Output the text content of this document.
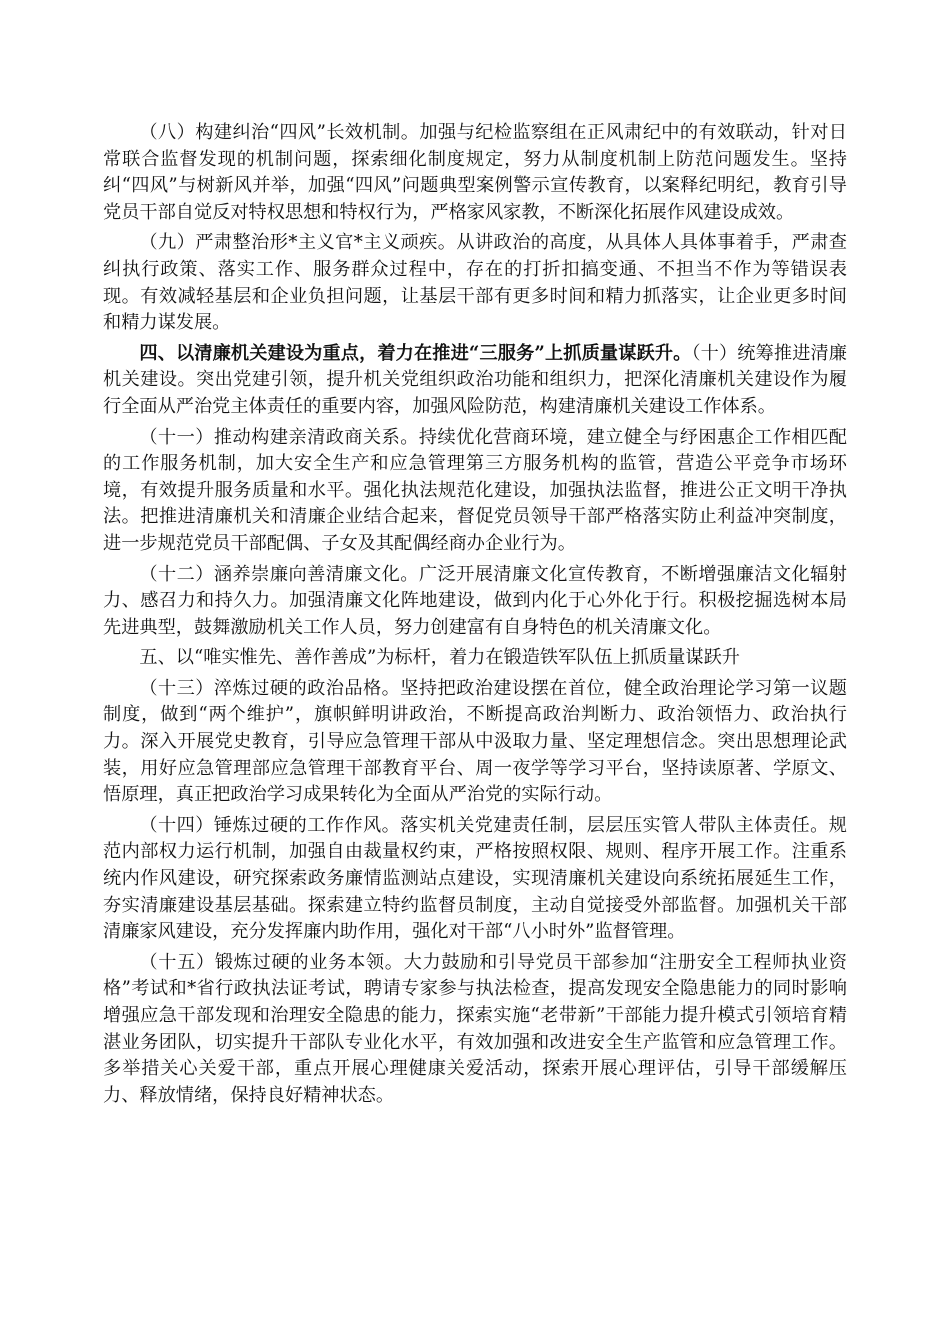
（八）构建纠治“四风”长效机制。加强与纪检监察组在正风肃纪中的有效联动，针对日常联合监督发现的机制问题，探索细化制度规定，努力从制度机制上防范问题发生。坚持纠“四风”与树新风并举，加强“四风”问题典型案例警示宣传教育，以案释纪明纪，教育引导党员干部自觉反对特权思想和特权行为，严格家风家教，不断深化拓展作风建设成效。

（九）严肃整治形*主义官*主义顽疾。从讲政治的高度，从具体人具体事着手，严肃查纠执行政策、落实工作、服务群众过程中，存在的打折扣搞变通、不担当不作为等错误表现。有效减轻基层和企业负担问题，让基层干部有更多时间和精力抓落实，让企业更多时间和精力谋发展。

四、以清廉机关建设为重点，着力在推进“三服务”上抓质量谋跃升。（十）统筹推进清廉机关建设。突出党建引领，提升机关党组织政治功能和组织力，把深化清廉机关建设作为履行全面从严治党主体责任的重要内容，加强风险防范，构建清廉机关建设工作体系。

（十一）推动构建亲清政商关系。持续优化营商环境，建立健全与纾困惠企工作相匹配的工作服务机制，加大安全生产和应急管理第三方服务机构的监管，营造公平竞争市场环境，有效提升服务质量和水平。强化执法规范化建设，加强执法监督，推进公正文明干净执法。把推进清廉机关和清廉企业结合起来，督促党员领导干部严格落实防止利益冲突制度，进一步规范党员干部配偶、子女及其配偶经商办企业行为。

（十二）涵养崇廉向善清廉文化。广泛开展清廉文化宣传教育，不断增强廉洁文化辐射力、感召力和持久力。加强清廉文化阵地建设，做到内化于心外化于行。积极挖掘选树本局先进典型，鼓舞激励机关工作人员，努力创建富有自身特色的机关清廉文化。

五、以“唯实惟先、善作善成”为标杆，着力在锻造铁军队伍上抓质量谋跃升

（十三）淬炼过硬的政治品格。坚持把政治建设摆在首位，健全政治理论学习第一议题制度，做到“两个维护”，旗帜鲜明讲政治，不断提高政治判断力、政治领悟力、政治执行力。深入开展党史教育，引导应急管理干部从中汲取力量、坚定理想信念。突出思想理论武装，用好应急管理部应急管理干部教育平台、周一夜学等学习平台，坚持读原著、学原文、悟原理，真正把政治学习成果转化为全面从严治党的实际行动。

（十四）锤炼过硬的工作作风。落实机关党建责任制，层层压实管人带队主体责任。规范内部权力运行机制，加强自由裁量权约束，严格按照权限、规则、程序开展工作。注重系统内作风建设，研究探索政务廉情监测站点建设，实现清廉机关建设向系统拓展延生工作，夯实清廉建设基层基础。探索建立特约监督员制度，主动自觉接受外部监督。加强机关干部清廉家风建设，充分发挥廉内助作用，强化对干部“八小时外”监督管理。

（十五）锻炼过硬的业务本领。大力鼓励和引导党员干部参加“注册安全工程师执业资格”考试和*省行政执法证考试，聘请专家参与执法检查，提高发现安全隐患能力的同时影响增强应急干部发现和治理安全隐患的能力，探索实施“老带新”干部能力提升模式引领培育精湛业务团队，切实提升干部队专业化水平，有效加强和改进安全生产监管和应急管理工作。多举措关心关爱干部，重点开展心理健康关爱活动，探索开展心理评估，引导干部缓解压力、释放情绪，保持良好精神状态。
